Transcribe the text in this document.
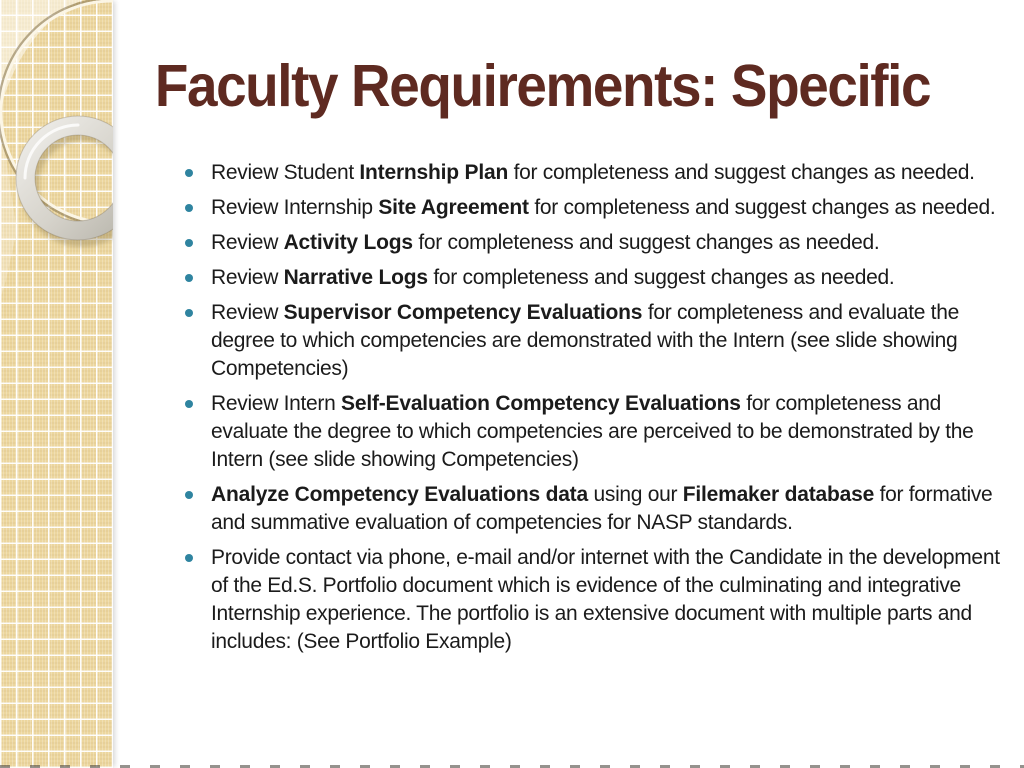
Faculty Requirements: Specific
Review Student Internship Plan for completeness and suggest changes as needed.
Review Internship Site Agreement for completeness and suggest changes as needed.
Review Activity Logs for completeness and suggest changes as needed.
Review Narrative Logs for completeness and suggest changes as needed.
Review Supervisor Competency Evaluations for completeness and evaluate the degree to which competencies are demonstrated with the Intern (see slide showing Competencies)
Review Intern Self-Evaluation Competency Evaluations for completeness and evaluate the degree to which competencies are perceived to be demonstrated by the Intern (see slide showing Competencies)
Analyze Competency Evaluations data using our Filemaker database for formative and summative evaluation of competencies for NASP standards.
Provide contact via phone, e-mail and/or internet with the Candidate in the development of the Ed.S. Portfolio document which is evidence of the culminating and integrative Internship experience. The portfolio is an extensive document with multiple parts and includes: (See Portfolio Example)
